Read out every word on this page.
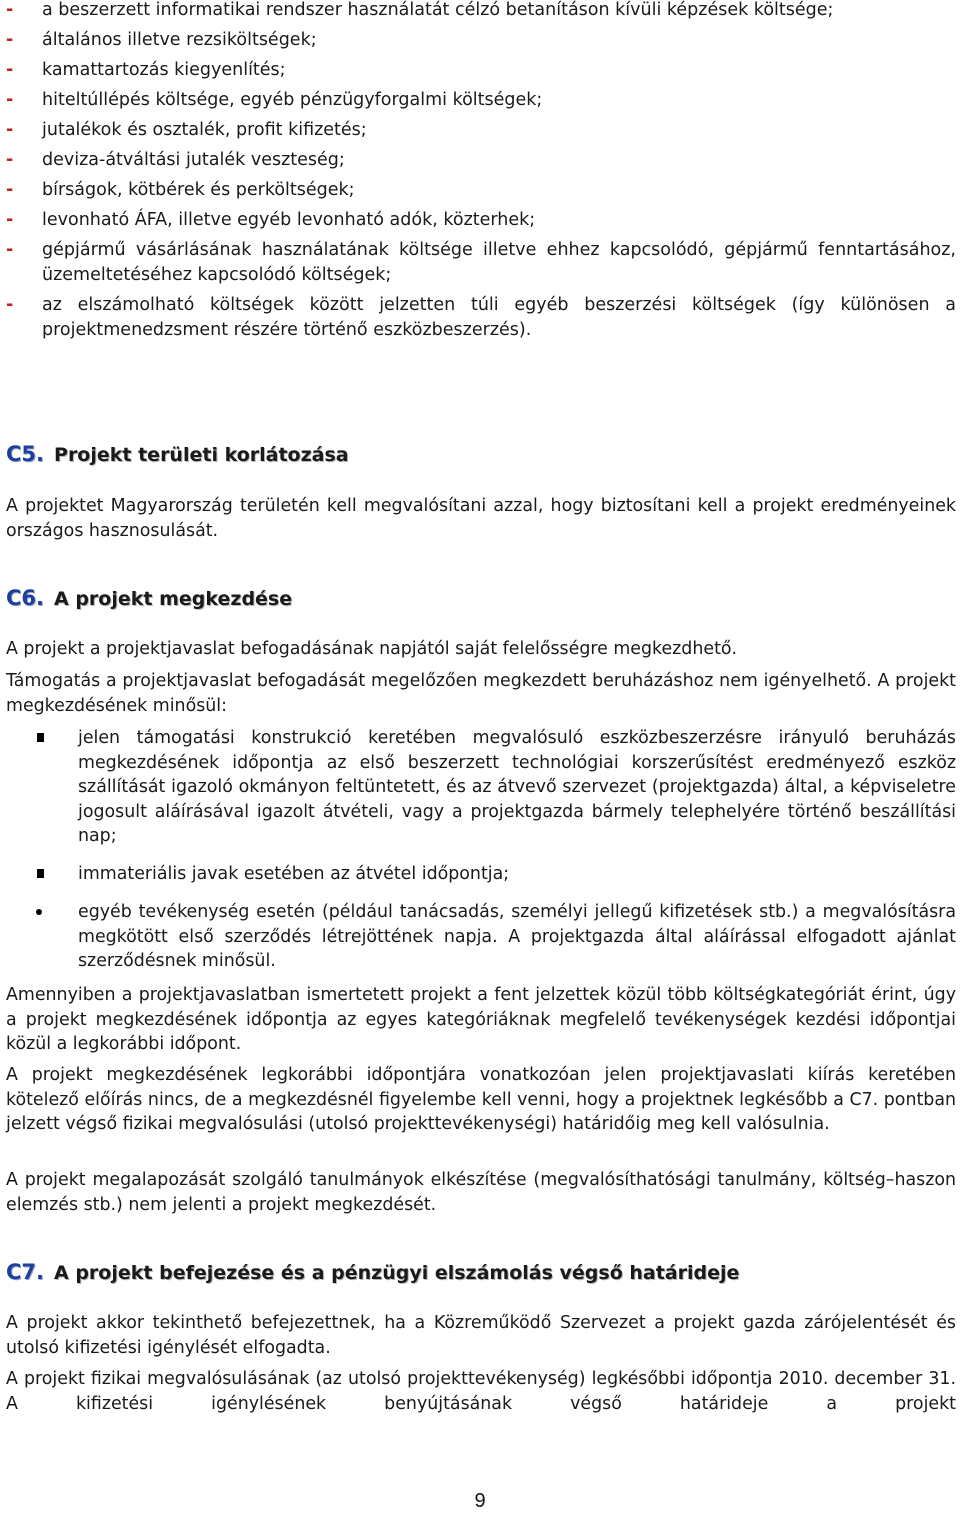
-	a beszerzett informatikai rendszer használatát célzó betanításon kívüli képzések költsége;
-	általános illetve rezsiköltségek;
-	kamattartozás kiegyenlítés;
-	hiteltúllépés költsége, egyéb pénzügyforgalmi költségek;
-	jutalékok és osztalék, profit kifizetés;
-	deviza-átváltási jutalék veszteség;
-	bírságok, kötbérek és perköltségek;
-	levonható ÁFA, illetve egyéb levonható adók, közterhek;
-	gépjármű vásárlásának használatának költsége illetve ehhez kapcsolódó, gépjármű fenntartásához, üzemeltetéséhez kapcsolódó költségek;
-	az elszámolható költségek között jelzetten túli egyéb beszerzési költségek (így különösen a projektmenedzsment részére történő eszközbeszerzés).
C5. Projekt területi korlátozása

A projektet Magyarország területén kell megvalósítani azzal, hogy biztosítani kell a projekt eredményeinek országos hasznosulását.

C6. A projekt megkezdése

A projekt a projektjavaslat befogadásának napjától saját felelősségre megkezdhető.

Támogatás a projektjavaslat befogadását megelőzően megkezdett beruházáshoz nem igényelhető. A projekt megkezdésének minősül:

jelen támogatási konstrukció keretében megvalósuló eszközbeszerzésre irányuló beruházás megkezdésének időpontja az első beszerzett technológiai korszerűsítést eredményező eszköz szállítását igazoló okmányon feltüntetett, és az átvevő szervezet (projektgazda) által, a képviseletre jogosult aláírásával igazolt átvételi, vagy a projektgazda bármely telephelyére történő beszállítási nap;

immateriális javak esetében az átvétel időpontja;

egyéb tevékenység esetén (például tanácsadás, személyi jellegű kifizetések stb.) a megvalósításra megkötött első szerződés létrejöttének napja. A projektgazda által aláírással elfogadott ajánlat szerződésnek minősül.

Amennyiben a projektjavaslatban ismertetett projekt a fent jelzettek közül több költségkategóriát érint, úgy a projekt megkezdésének időpontja az egyes kategóriáknak megfelelő tevékenységek kezdési időpontjai közül a legkorábbi időpont.

A projekt megkezdésének legkorábbi időpontjára vonatkozóan jelen projektjavaslati kiírás keretében kötelező előírás nincs, de a megkezdésnél figyelembe kell venni, hogy a projektnek legkésőbb a C7. pontban jelzett végső fizikai megvalósulási (utolsó projekttevékenységi) határidőig meg kell valósulnia.

A projekt megalapozását szolgáló tanulmányok elkészítése (megvalósíthatósági tanulmány, költség–haszon elemzés stb.) nem jelenti a projekt megkezdését.

C7. A projekt befejezése és a pénzügyi elszámolás végső határideje

A projekt akkor tekinthető befejezettnek, ha a Közreműködő Szervezet a projekt gazda zárójelentését és utolsó kifizetési igénylését elfogadta.

A projekt fizikai megvalósulásának (az utolsó projekttevékenység) legkésőbbi időpontja 2010. december 31. A kifizetési igénylésének benyújtásának végső határideje a projekt

9
